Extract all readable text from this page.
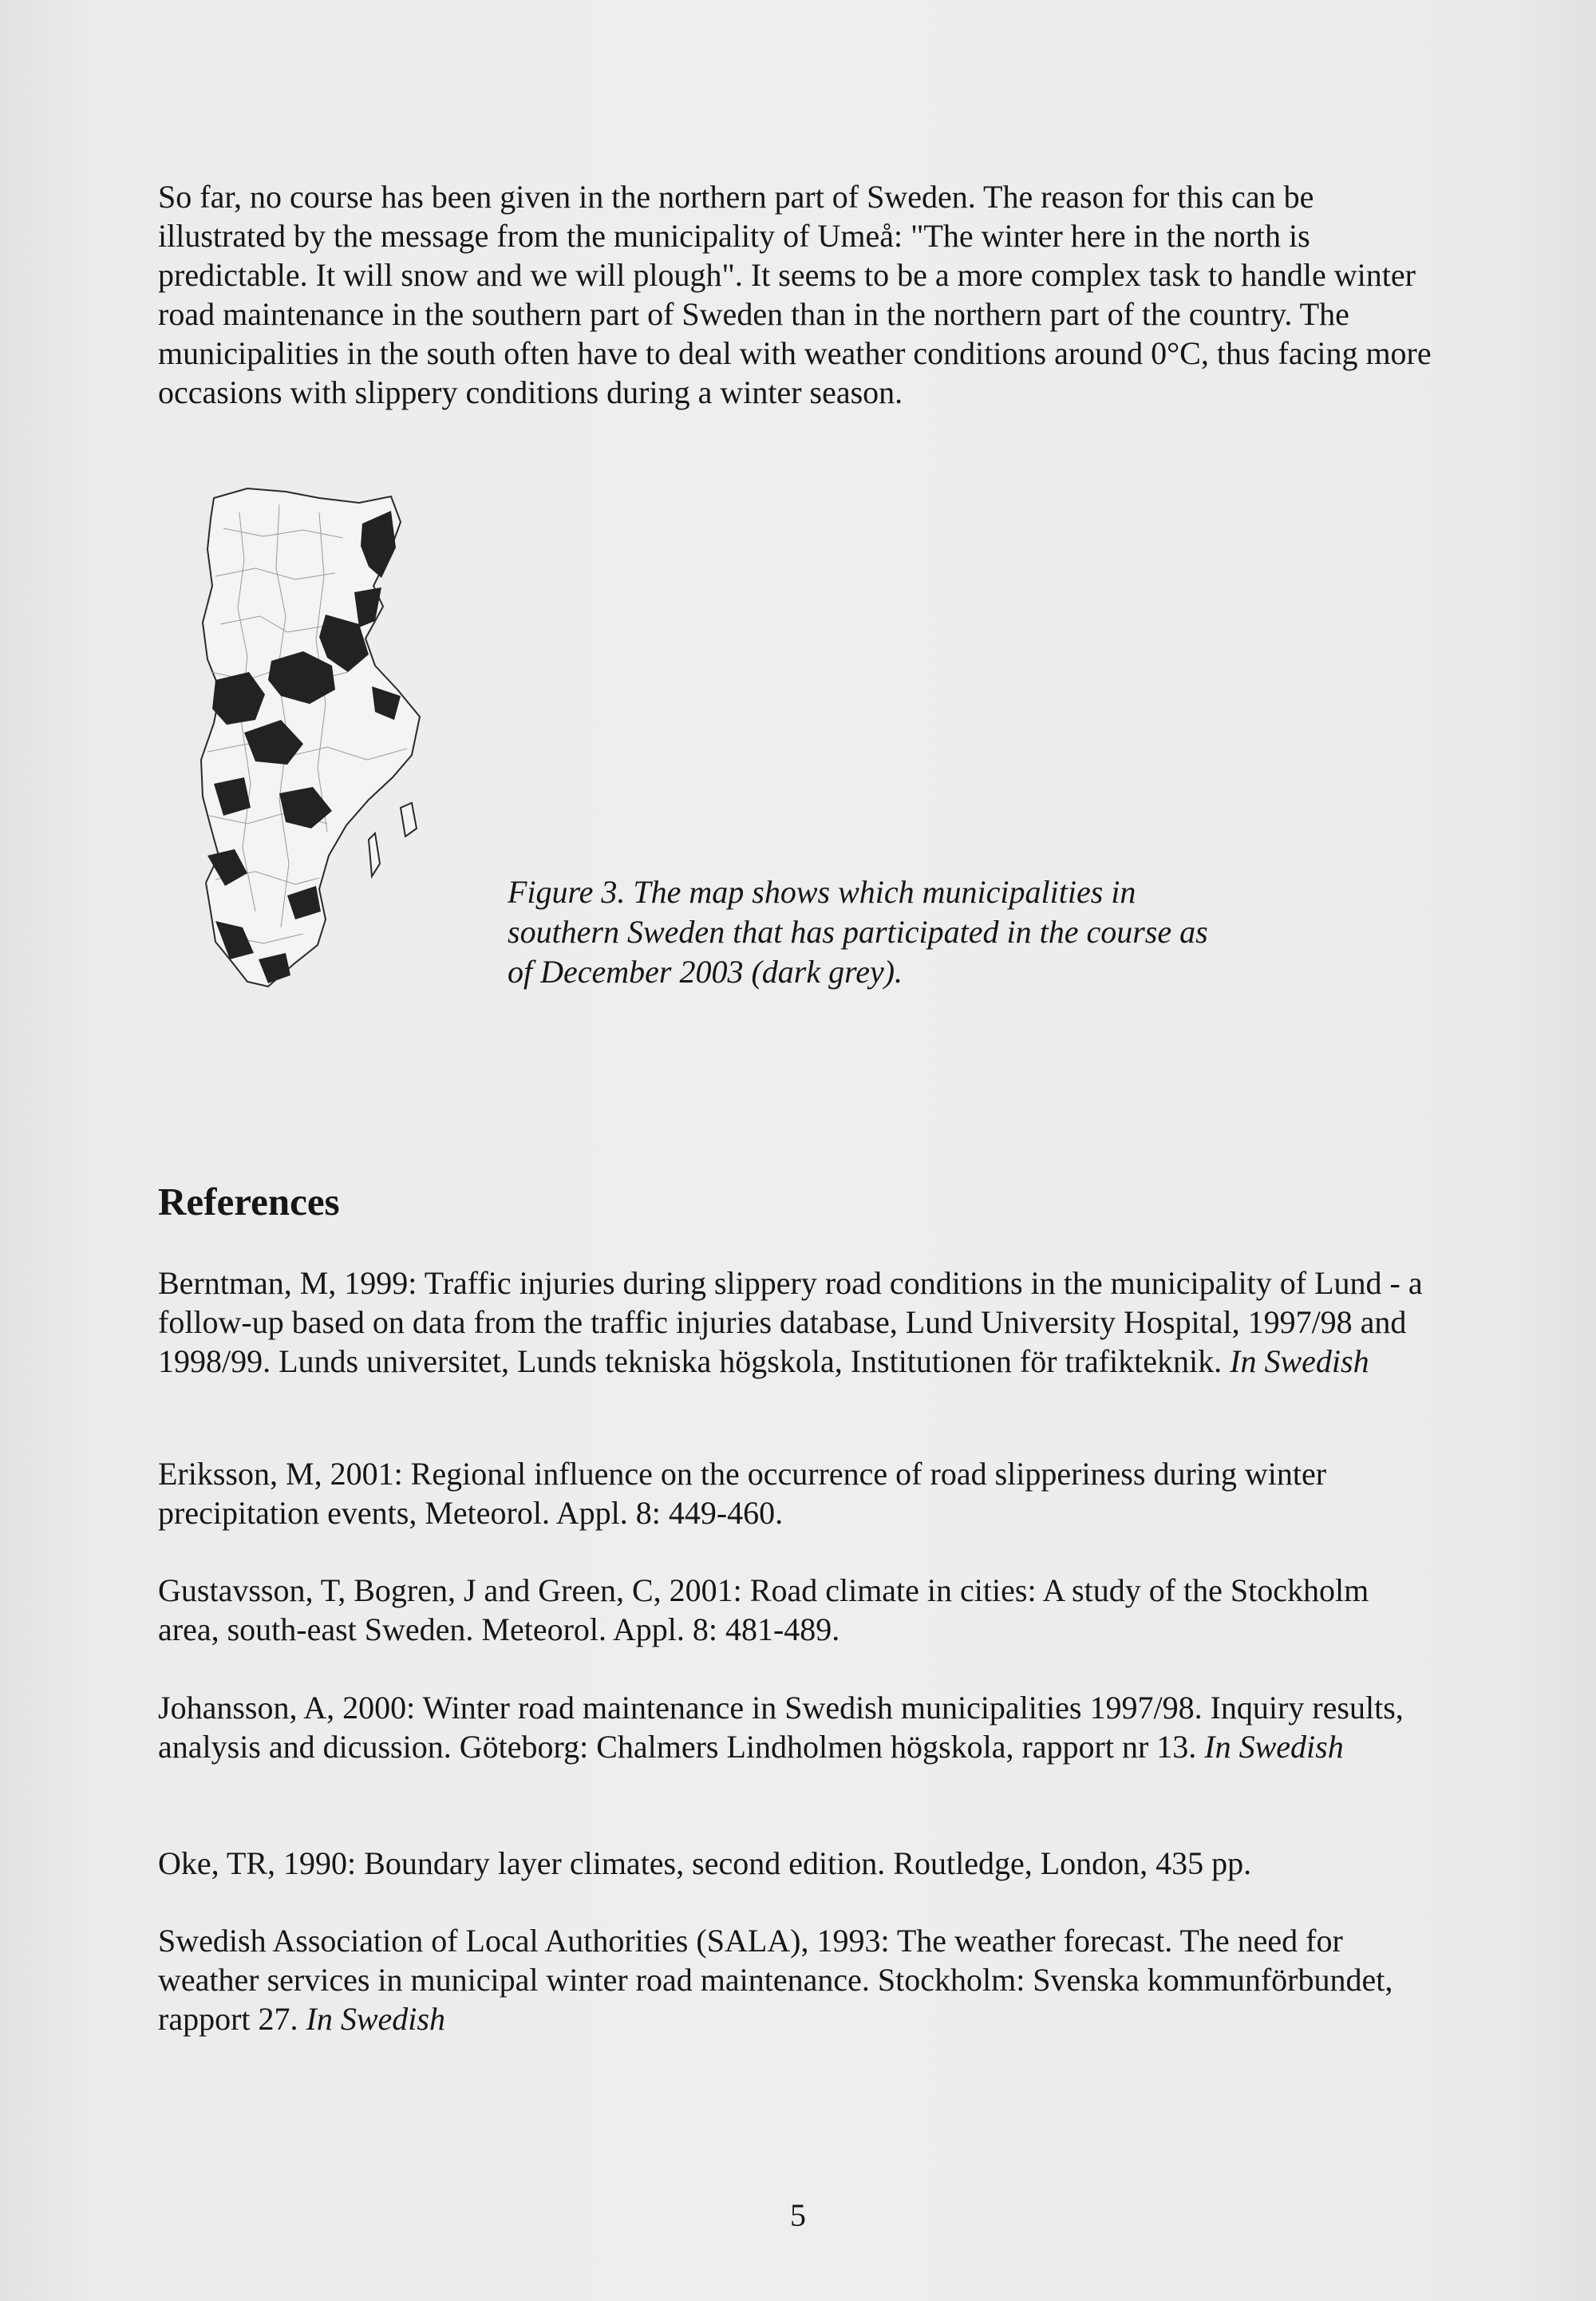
So far, no course has been given in the northern part of Sweden. The reason for this can be illustrated by the message from the municipality of Umeå: "The winter here in the north is predictable. It will snow and we will plough". It seems to be a more complex task to handle winter road maintenance in the southern part of Sweden than in the northern part of the country. The municipalities in the south often have to deal with weather conditions around 0°C, thus facing more occasions with slippery conditions during a winter season.

Figure 3. The map shows which municipalities in
southern Sweden that has participated in the course as
of December 2003 (dark grey).

References

Berntman, M, 1999: Traffic injuries during slippery road conditions in the municipality of Lund - a follow-up based on data from the traffic injuries database, Lund University Hospital, 1997/98 and 1998/99. Lunds universitet, Lunds tekniska högskola, Institutionen för trafikteknik. In Swedish

Eriksson, M, 2001: Regional influence on the occurrence of road slipperiness during winter precipitation events, Meteorol. Appl. 8: 449-460.

Gustavsson, T, Bogren, J and Green, C, 2001: Road climate in cities: A study of the Stockholm area, south-east Sweden. Meteorol. Appl. 8: 481-489.

Johansson, A, 2000: Winter road maintenance in Swedish municipalities 1997/98. Inquiry results, analysis and dicussion. Göteborg: Chalmers Lindholmen högskola, rapport nr 13. In Swedish

Oke, TR, 1990: Boundary layer climates, second edition. Routledge, London, 435 pp.

Swedish Association of Local Authorities (SALA), 1993: The weather forecast. The need for weather services in municipal winter road maintenance. Stockholm: Svenska kommunförbundet, rapport 27. In Swedish

5
